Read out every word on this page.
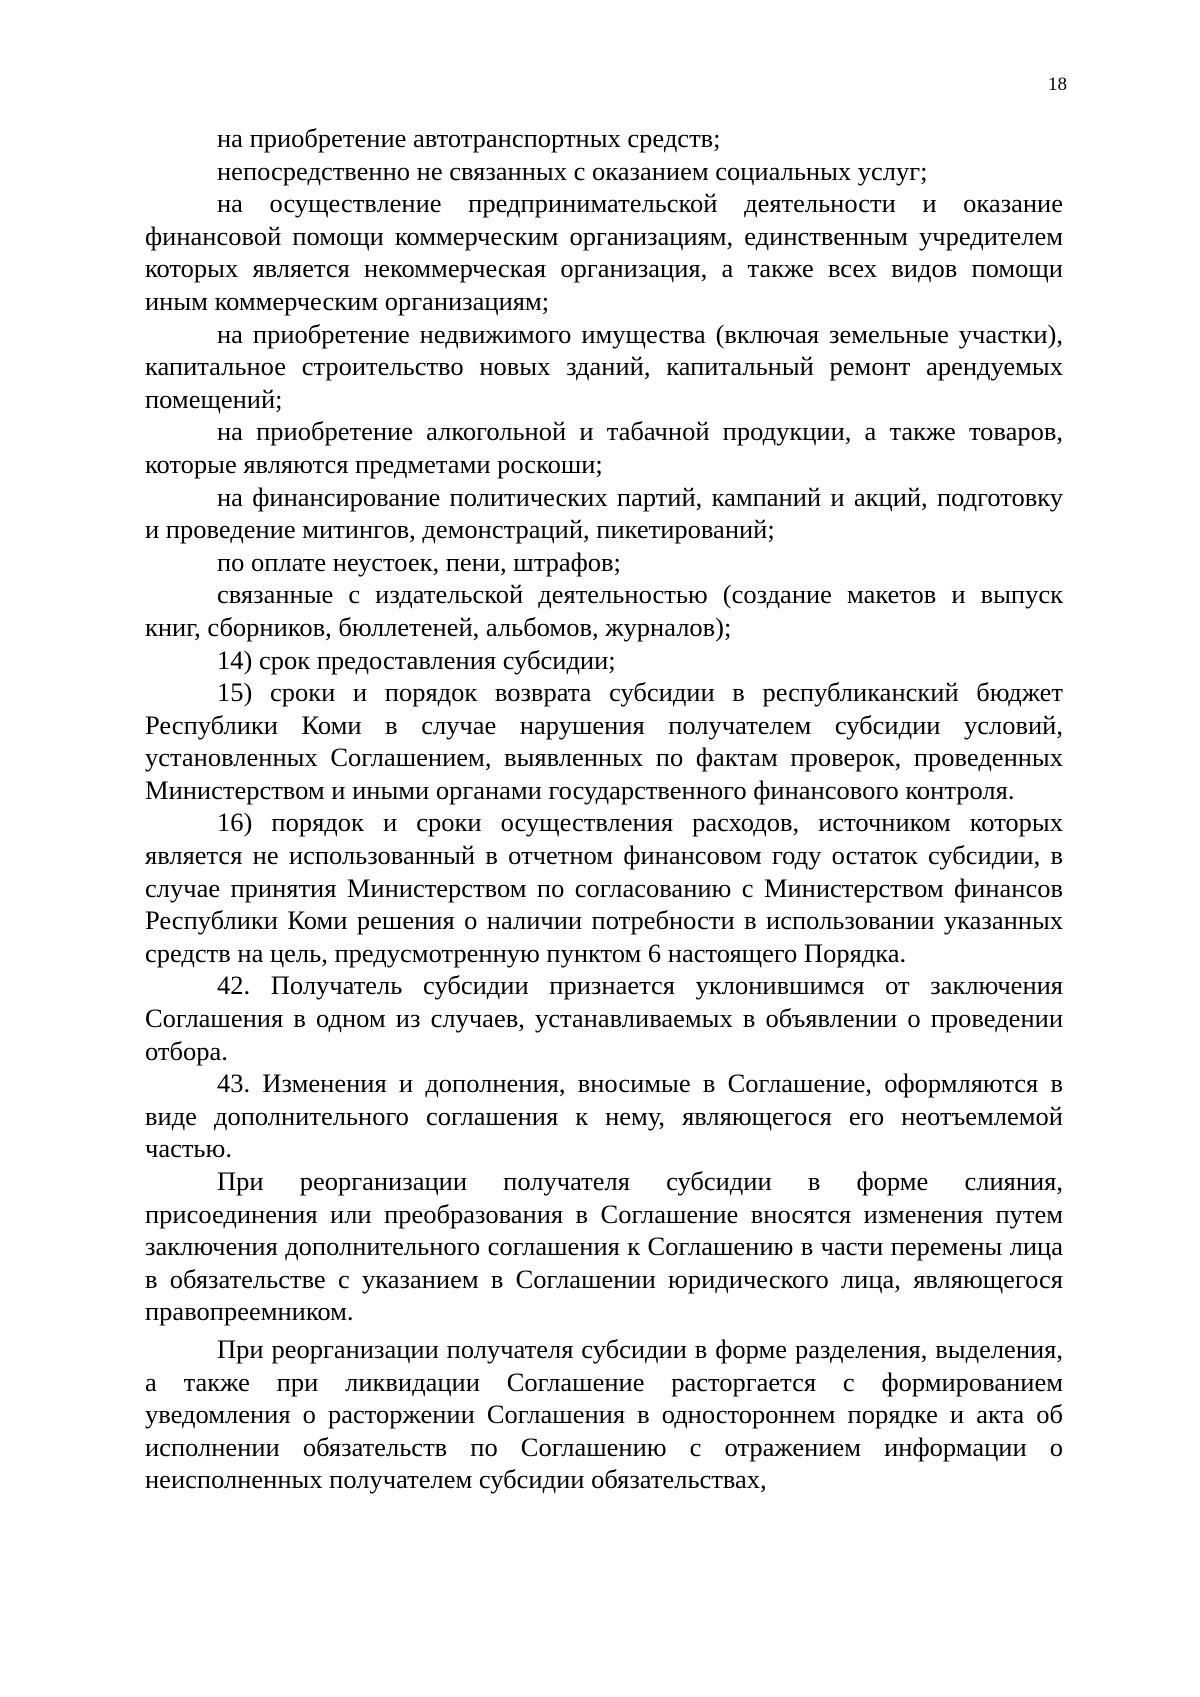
18

на приобретение автотранспортных средств;

непосредственно не связанных с оказанием социальных услуг;

на осуществление предпринимательской деятельности и оказание финансовой помощи коммерческим организациям, единственным учредителем которых является некоммерческая организация, а также всех видов помощи иным коммерческим организациям;

на приобретение недвижимого имущества (включая земельные участки), капитальное строительство новых зданий, капитальный ремонт арендуемых помещений;

на приобретение алкогольной и табачной продукции, а также товаров, которые являются предметами роскоши;

на финансирование политических партий, кампаний и акций, подготовку и проведение митингов, демонстраций, пикетирований;

по оплате неустоек, пени, штрафов;

связанные с издательской деятельностью (создание макетов и выпуск книг, сборников, бюллетеней, альбомов, журналов);

14) срок предоставления субсидии;

15) сроки и порядок возврата субсидии в республиканский бюджет Республики Коми в случае нарушения получателем субсидии условий, установленных Соглашением, выявленных по фактам проверок, проведенных Министерством и иными органами государственного финансового контроля.

16) порядок и сроки осуществления расходов, источником которых является не использованный в отчетном финансовом году остаток субсидии, в случае принятия Министерством по согласованию с Министерством финансов Республики Коми решения о наличии потребности в использовании указанных средств на цель, предусмотренную пунктом 6 настоящего Порядка.

42. Получатель субсидии признается уклонившимся от заключения Соглашения в одном из случаев, устанавливаемых в объявлении о проведении отбора.

43. Изменения и дополнения, вносимые в Соглашение, оформляются в виде дополнительного соглашения к нему, являющегося его неотъемлемой частью.

При реорганизации получателя субсидии в форме слияния, присоединения или преобразования в Соглашение вносятся изменения путем заключения дополнительного соглашения к Соглашению в части перемены лица в обязательстве с указанием в Соглашении юридического лица, являющегося правопреемником.

При реорганизации получателя субсидии в форме разделения, выделения, а также при ликвидации Соглашение расторгается с формированием уведомления о расторжении Соглашения в одностороннем порядке и акта об исполнении обязательств по Соглашению с отражением информации о неисполненных получателем субсидии обязательствах,
